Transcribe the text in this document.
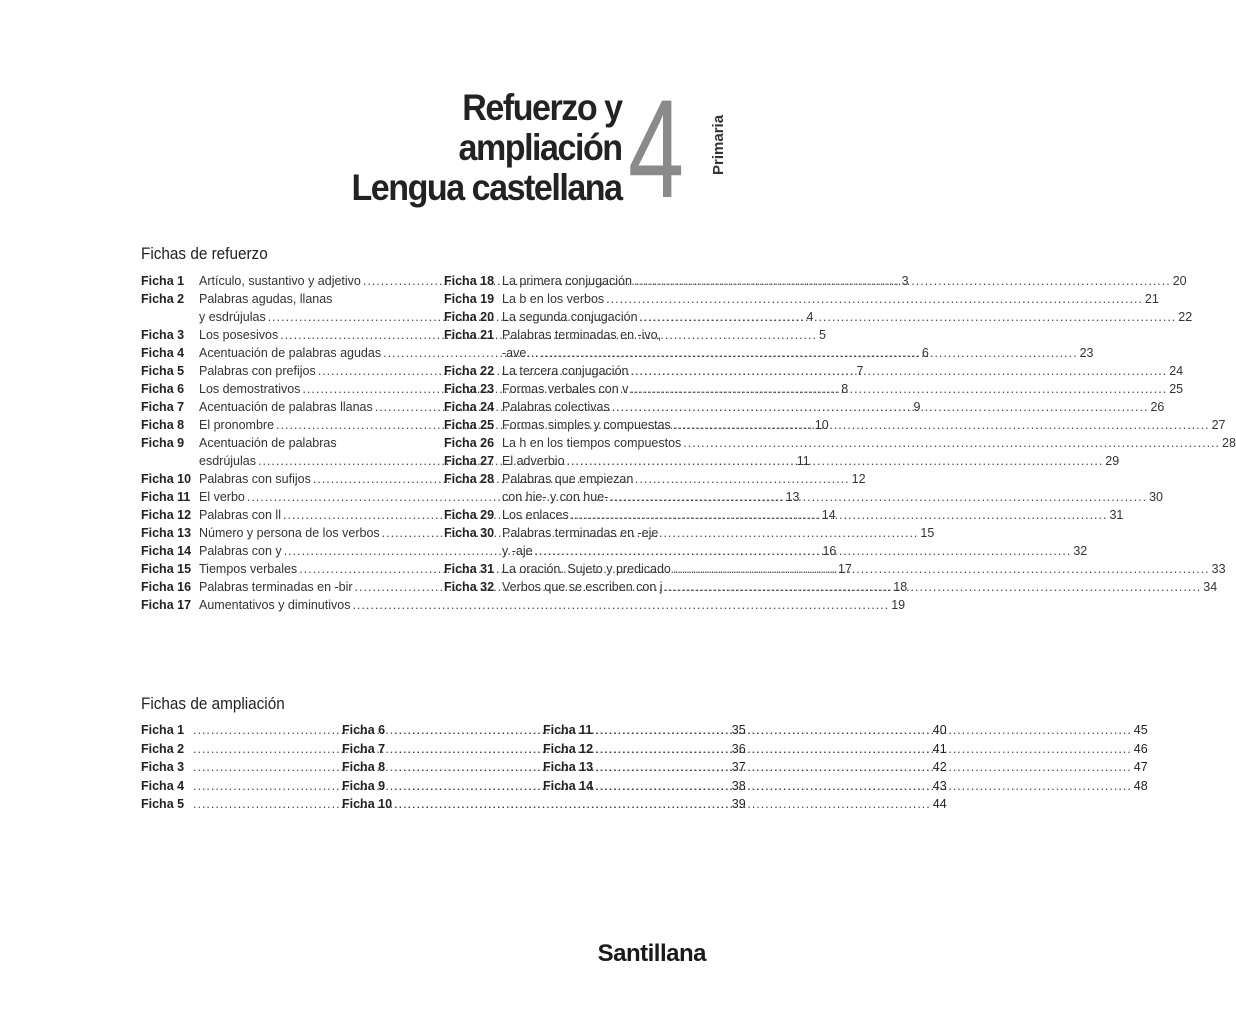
Refuerzo y
ampliación
Lengua castellana 4 Primaria
Fichas de refuerzo
Ficha 1	Artículo, sustantivo y adjetivo .....	3
Ficha 2	Palabras agudas, llanas
y esdrújulas .....	4
Ficha 3	Los posesivos .....	5
Ficha 4	Acentuación de palabras agudas .....	6
Ficha 5	Palabras con prefijos .....	7
Ficha 6	Los demostrativos .....	8
Ficha 7	Acentuación de palabras llanas .....	9
Ficha 8	El pronombre .....	10
Ficha 9	Acentuación de palabras
esdrújulas .....	11
Ficha 10 Palabras con sufijos .....	12
Ficha 11 El verbo .....	13
Ficha 12 Palabras con ll .....	14
Ficha 13 Número y persona de los verbos .....	15
Ficha 14 Palabras con y .....	16
Ficha 15 Tiempos verbales .....	17
Ficha 16 Palabras terminadas en -bir .....	18
Ficha 17 Aumentativos y diminutivos .....	19
Ficha 18 La primera conjugación .....	20
Ficha 19 La b en los verbos .....	21
Ficha 20 La segunda conjugación .....	22
Ficha 21 Palabras terminadas en -ivo,
-ave… .....	23
Ficha 22 La tercera conjugación .....	24
Ficha 23 Formas verbales con v .....	25
Ficha 24 Palabras colectivas .....	26
Ficha 25 Formas simples y compuestas .....	27
Ficha 26 La h en los tiempos compuestos .....	28
Ficha 27 El adverbio .....	29
Ficha 28 Palabras que empiezan
con hie- y con hue- .....	30
Ficha 29 Los enlaces .....	31
Ficha 30 Palabras terminadas en -eje
y -aje .....	32
Ficha 31 La oración. Sujeto y predicado .....	33
Ficha 32 Verbos que se escriben con j .....	34
Fichas de ampliación
Ficha 1 .....	35
Ficha 2 .....	36
Ficha 3 .....	37
Ficha 4 .....	38
Ficha 5 .....	39
Ficha 6 .....	40
Ficha 7 .....	41
Ficha 8 .....	42
Ficha 9 .....	43
Ficha 10 .....	44
Ficha 11 .....	45
Ficha 12 .....	46
Ficha 13 .....	47
Ficha 14 .....	48
Santillana
